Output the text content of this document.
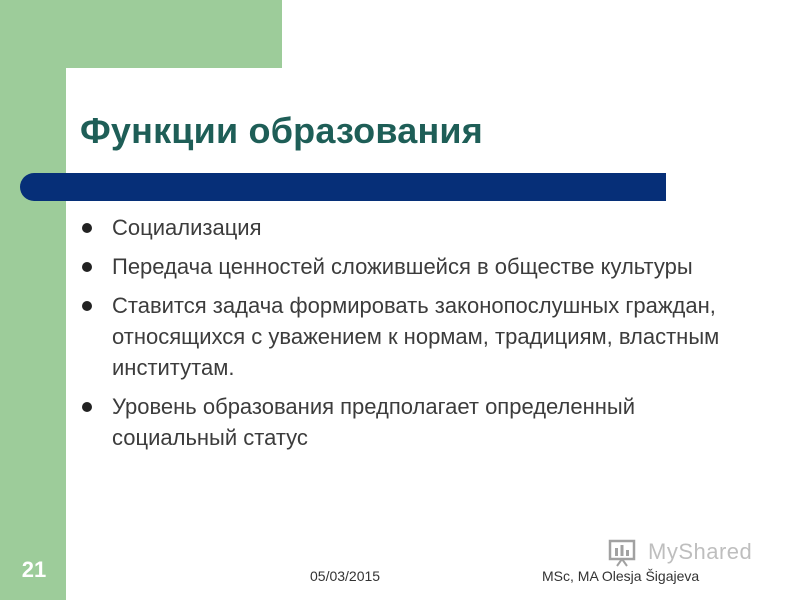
Функции образования
Социализация
Передача ценностей сложившейся в обществе культуры
Ставится задача формировать законопослушных граждан, относящихся с уважением к нормам, традициям, властным институтам.
Уровень образования предполагает определенный социальный статус
21	05/03/2015	MSc, MA Olesja Šigajeva
MyShared
